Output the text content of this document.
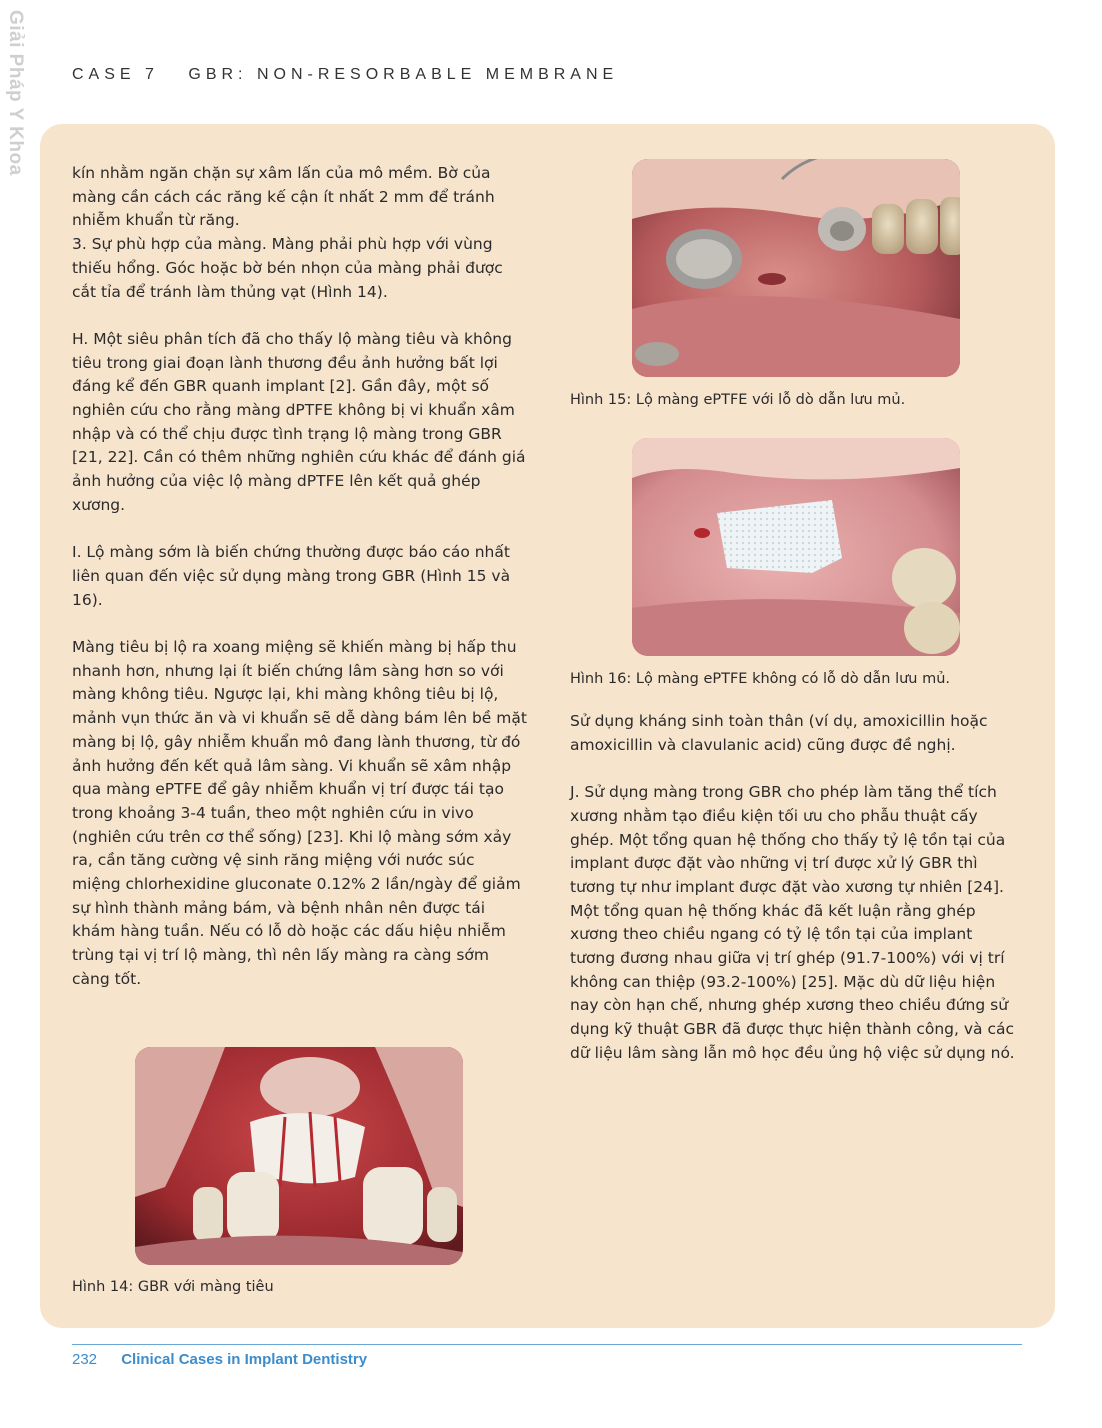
Giải Pháp Y Khoa	CASE 7 GBR: NON-RESORBABLE MEMBRANE

kín nhằm ngăn chặn sự xâm lấn của mô mềm. Bờ của màng cần cách các răng kế cận ít nhất 2 mm để tránh nhiễm khuẩn từ răng.
3. Sự phù hợp của màng. Màng phải phù hợp với vùng thiếu hổng. Góc hoặc bờ bén nhọn của màng phải được cắt tỉa để tránh làm thủng vạt (Hình 14).

H. Một siêu phân tích đã cho thấy lộ màng tiêu và không tiêu trong giai đoạn lành thương đều ảnh hưởng bất lợi đáng kể đến GBR quanh implant [2]. Gần đây, một số nghiên cứu cho rằng màng dPTFE không bị vi khuẩn xâm nhập và có thể chịu được tình trạng lộ màng trong GBR [21, 22]. Cần có thêm những nghiên cứu khác để đánh giá ảnh hưởng của việc lộ màng dPTFE lên kết quả ghép xương.

I. Lộ màng sớm là biến chứng thường được báo cáo nhất liên quan đến việc sử dụng màng trong GBR (Hình 15 và 16).

Màng tiêu bị lộ ra xoang miệng sẽ khiến màng bị hấp thu nhanh hơn, nhưng lại ít biến chứng lâm sàng hơn so với màng không tiêu. Ngược lại, khi màng không tiêu bị lộ, mảnh vụn thức ăn và vi khuẩn sẽ dễ dàng bám lên bề mặt màng bị lộ, gây nhiễm khuẩn mô đang lành thương, từ đó ảnh hưởng đến kết quả lâm sàng. Vi khuẩn sẽ xâm nhập qua màng ePTFE để gây nhiễm khuẩn vị trí được tái tạo trong khoảng 3-4 tuần, theo một nghiên cứu in vivo (nghiên cứu trên cơ thể sống) [23]. Khi lộ màng sớm xảy ra, cần tăng cường vệ sinh răng miệng với nước súc miệng chlorhexidine gluconate 0.12% 2 lần/ngày để giảm sự hình thành mảng bám, và bệnh nhân nên được tái khám hàng tuần. Nếu có lỗ dò hoặc các dấu hiệu nhiễm trùng tại vị trí lộ màng, thì nên lấy màng ra càng sớm càng tốt.

Hình 15: Lộ màng ePTFE với lỗ dò dẫn lưu mủ.
Hình 16: Lộ màng ePTFE không có lỗ dò dẫn lưu mủ.

Sử dụng kháng sinh toàn thân (ví dụ, amoxicillin hoặc amoxicillin và clavulanic acid) cũng được đề nghị.

J. Sử dụng màng trong GBR cho phép làm tăng thể tích xương nhằm tạo điều kiện tối ưu cho phẫu thuật cấy ghép. Một tổng quan hệ thống cho thấy tỷ lệ tồn tại của implant được đặt vào những vị trí được xử lý GBR thì tương tự như implant được đặt vào xương tự nhiên [24]. Một tổng quan hệ thống khác đã kết luận rằng ghép xương theo chiều ngang có tỷ lệ tồn tại của implant tương đương nhau giữa vị trí ghép (91.7-100%) với vị trí không can thiệp (93.2-100%) [25]. Mặc dù dữ liệu hiện nay còn hạn chế, nhưng ghép xương theo chiều đứng sử dụng kỹ thuật GBR đã được thực hiện thành công, và các dữ liệu lâm sàng lẫn mô học đều ủng hộ việc sử dụng nó.

Hình 14: GBR với màng tiêu
232 Clinical Cases in Implant Dentistry
